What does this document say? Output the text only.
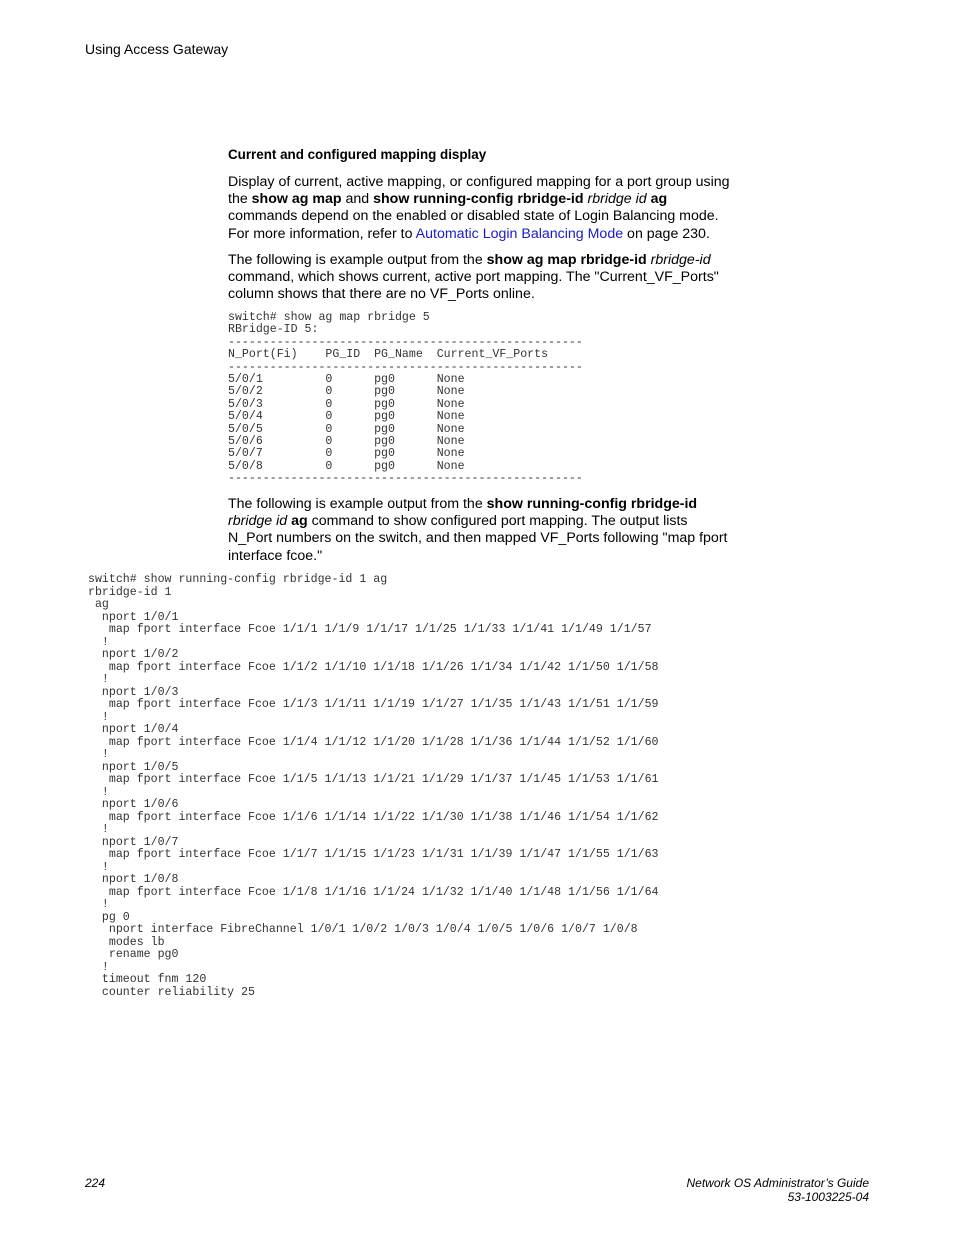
Using Access Gateway
Current and configured mapping display
Display of current, active mapping, or configured mapping for a port group using the show ag map and show running-config rbridge-id rbridge id ag commands depend on the enabled or disabled state of Login Balancing mode. For more information, refer to Automatic Login Balancing Mode on page 230.
The following is example output from the show ag map rbridge-id rbridge-id command, which shows current, active port mapping. The "Current_VF_Ports" column shows that there are no VF_Ports online.
switch# show ag map rbridge 5
RBridge-ID 5:
---------------------------------------------------
N_Port(Fi)    PG_ID  PG_Name  Current_VF_Ports
---------------------------------------------------
5/0/1         0      pg0      None
5/0/2         0      pg0      None
5/0/3         0      pg0      None
5/0/4         0      pg0      None
5/0/5         0      pg0      None
5/0/6         0      pg0      None
5/0/7         0      pg0      None
5/0/8         0      pg0      None
---------------------------------------------------
The following is example output from the show running-config rbridge-id rbridge id ag command to show configured port mapping. The output lists N_Port numbers on the switch, and then mapped VF_Ports following "map fport interface fcoe."
switch# show running-config rbridge-id 1 ag
rbridge-id 1
ag
nport 1/0/1
map fport interface Fcoe 1/1/1 1/1/9 1/1/17 1/1/25 1/1/33 1/1/41 1/1/49 1/1/57
!
nport 1/0/2
map fport interface Fcoe 1/1/2 1/1/10 1/1/18 1/1/26 1/1/34 1/1/42 1/1/50 1/1/58
!
nport 1/0/3
map fport interface Fcoe 1/1/3 1/1/11 1/1/19 1/1/27 1/1/35 1/1/43 1/1/51 1/1/59
!
nport 1/0/4
map fport interface Fcoe 1/1/4 1/1/12 1/1/20 1/1/28 1/1/36 1/1/44 1/1/52 1/1/60
!
nport 1/0/5
map fport interface Fcoe 1/1/5 1/1/13 1/1/21 1/1/29 1/1/37 1/1/45 1/1/53 1/1/61
!
nport 1/0/6
map fport interface Fcoe 1/1/6 1/1/14 1/1/22 1/1/30 1/1/38 1/1/46 1/1/54 1/1/62
!
nport 1/0/7
map fport interface Fcoe 1/1/7 1/1/15 1/1/23 1/1/31 1/1/39 1/1/47 1/1/55 1/1/63
!
nport 1/0/8
map fport interface Fcoe 1/1/8 1/1/16 1/1/24 1/1/32 1/1/40 1/1/48 1/1/56 1/1/64
!
pg 0
nport interface FibreChannel 1/0/1 1/0/2 1/0/3 1/0/4 1/0/5 1/0/6 1/0/7 1/0/8
modes lb
rename pg0
!
timeout fnm 120
counter reliability 25
224	Network OS Administrator’s Guide
53-1003225-04
